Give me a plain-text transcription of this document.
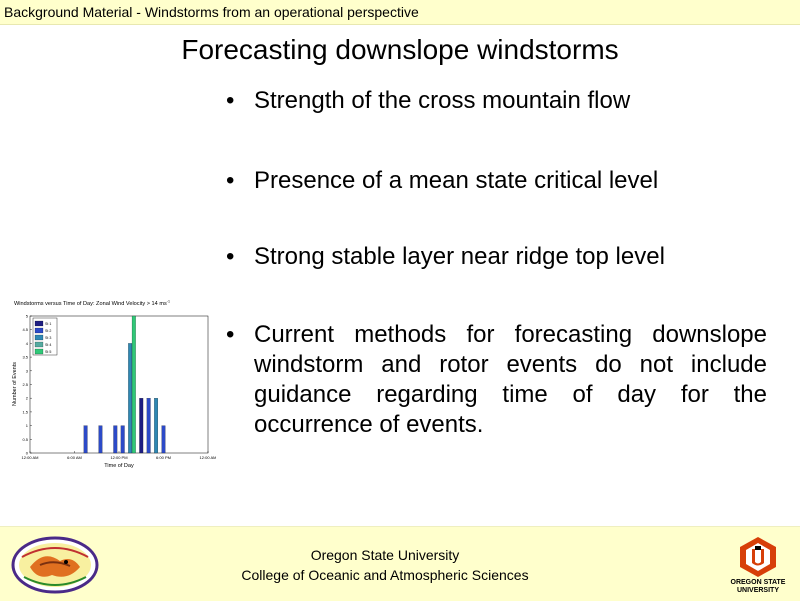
Background Material - Windstorms from an operational perspective
Forecasting downslope windstorms
• Strength of the cross mountain flow
• Presence of a mean state critical level
• Strong stable layer near ridge top level
• Current methods for forecasting downslope windstorm and rotor events do not include guidance regarding time of day for the occurrence of events.
Windstorms versus Time of Day: Zonal Wind Velocity > 14 $ms^{-1}$
0
0.5
1
1.5
2
2.5
3
3.5
4
4.5
5
12:00 AM	6:00 AM	12:00 PM	6:00 PM	12:00 AM
St 1
St 2
St 3
St 4
St 5
Number of Events
Time of Day
Oregon State University
College of Oceanic and Atmospheric Sciences	OREGON STATE
UNIVERSITY
